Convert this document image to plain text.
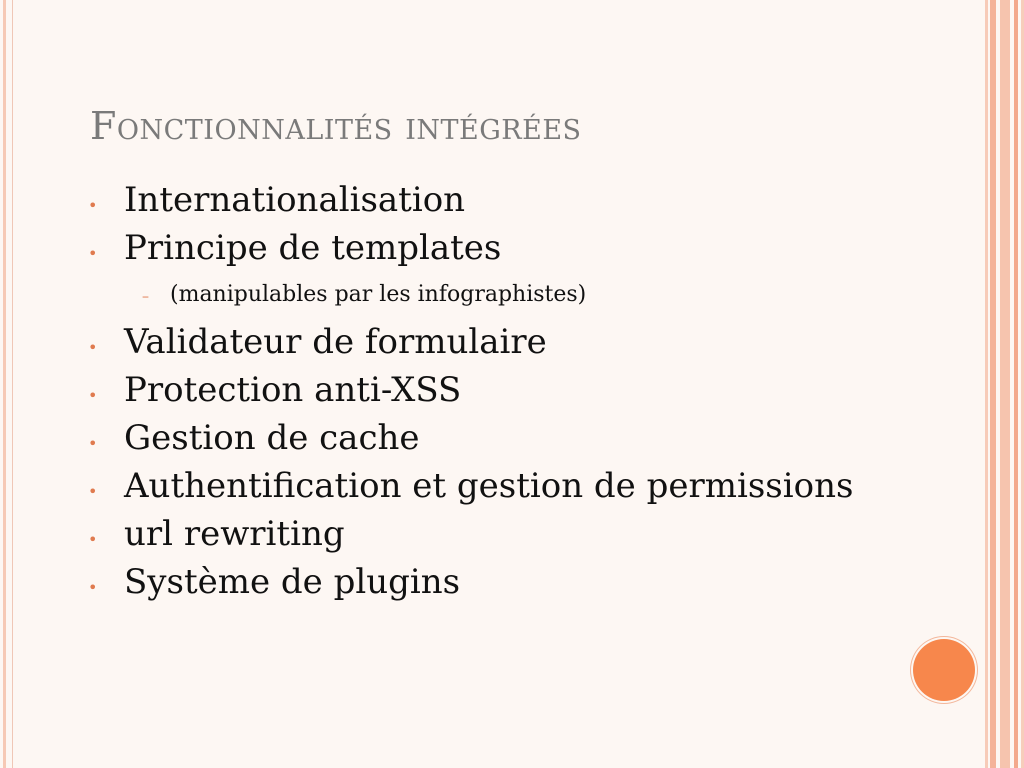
Fonctionnalités intégrées
• Internationalisation
• Principe de templates
– (manipulables par les infographistes)
• Validateur de formulaire
• Protection anti-XSS
• Gestion de cache
• Authentification et gestion de permissions
• url rewriting
• Système de plugins
